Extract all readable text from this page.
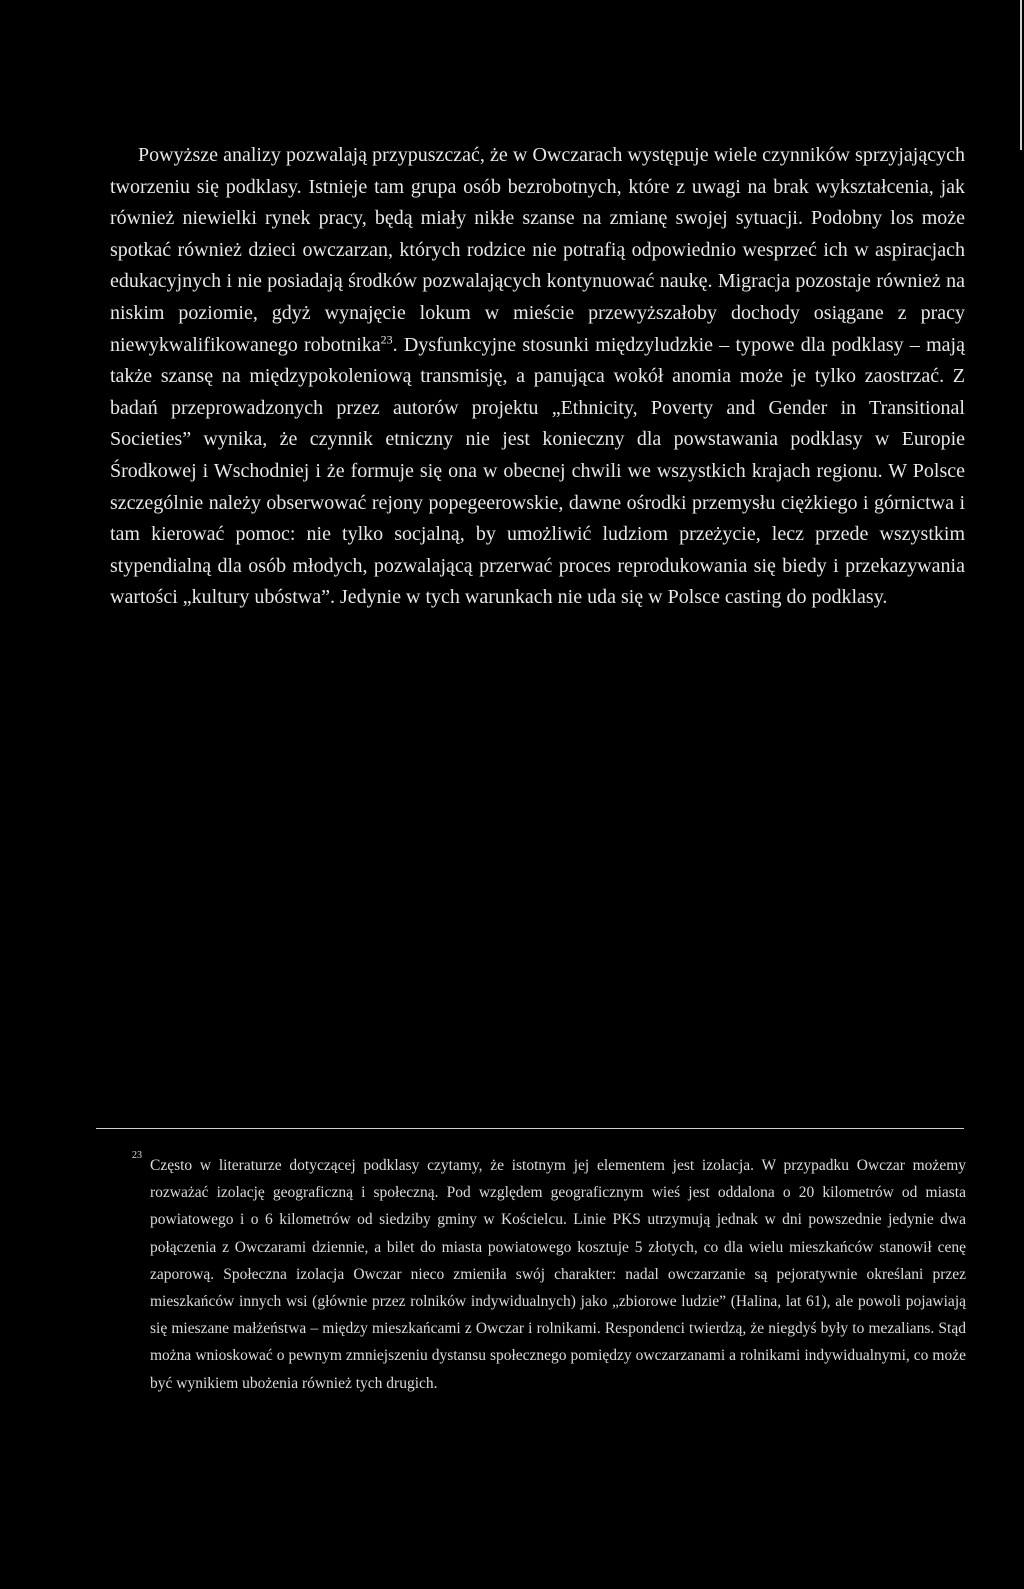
Powyższe analizy pozwalają przypuszczać, że w Owczarach występuje wiele czynników sprzyjających tworzeniu się podklasy. Istnieje tam grupa osób bezrobotnych, które z uwagi na brak wykształcenia, jak również niewielki rynek pracy, będą miały nikłe szanse na zmianę swojej sytuacji. Podobny los może spotkać również dzieci owczarzan, których rodzice nie potrafią odpowiednio wesprzeć ich w aspiracjach edukacyjnych i nie posiadają środków pozwalających kontynuować naukę. Migracja pozostaje również na niskim poziomie, gdyż wynajęcie lokum w mieście przewyższałoby dochody osiągane z pracy niewykwalifikowanego robotnika$^{23}$. Dysfunkcyjne stosunki międzyludzkie – typowe dla podklasy – mają także szansę na międzypokoleniową transmisję, a panująca wokół anomia może je tylko zaostrzać. Z badań przeprowadzonych przez autorów projektu „Ethnicity, Poverty and Gender in Transitional Societies” wynika, że czynnik etniczny nie jest konieczny dla powstawania podklasy w Europie Środkowej i Wschodniej i że formuje się ona w obecnej chwili we wszystkich krajach regionu. W Polsce szczególnie należy obserwować rejony popegeerowskie, dawne ośrodki przemysłu ciężkiego i górnictwa i tam kierować pomoc: nie tylko socjalną, by umożliwić ludziom przeżycie, lecz przede wszystkim stypendialną dla osób młodych, pozwalającą przerwać proces reprodukowania się biedy i przekazywania wartości „kultury ubóstwa”. Jedynie w tych warunkach nie uda się w Polsce casting do podklasy.

23

Często w literaturze dotyczącej podklasy czytamy, że istotnym jej elementem jest izolacja. W przypadku Owczar możemy rozważać izolację geograficzną i społeczną. Pod względem geograficznym wieś jest oddalona o 20 kilometrów od miasta powiatowego i o 6 kilometrów od siedziby gminy w Kościelcu. Linie PKS utrzymują jednak w dni powszednie jedynie dwa połączenia z Owczarami dziennie, a bilet do miasta powiatowego kosztuje 5 złotych, co dla wielu mieszkańców stanowił cenę zaporową. Społeczna izolacja Owczar nieco zmieniła swój charakter: nadal owczarzanie są pejoratywnie określani przez mieszkańców innych wsi (głównie przez rolników indywidualnych) jako „zbiorowe ludzie” (Halina, lat 61), ale powoli pojawiają się mieszane małżeństwa – między mieszkańcami z Owczar i rolnikami. Respondenci twierdzą, że niegdyś były to mezalians. Stąd można wnioskować o pewnym zmniejszeniu dystansu społecznego pomiędzy owczarzanami a rolnikami indywidualnymi, co może być wynikiem ubożenia również tych drugich.
